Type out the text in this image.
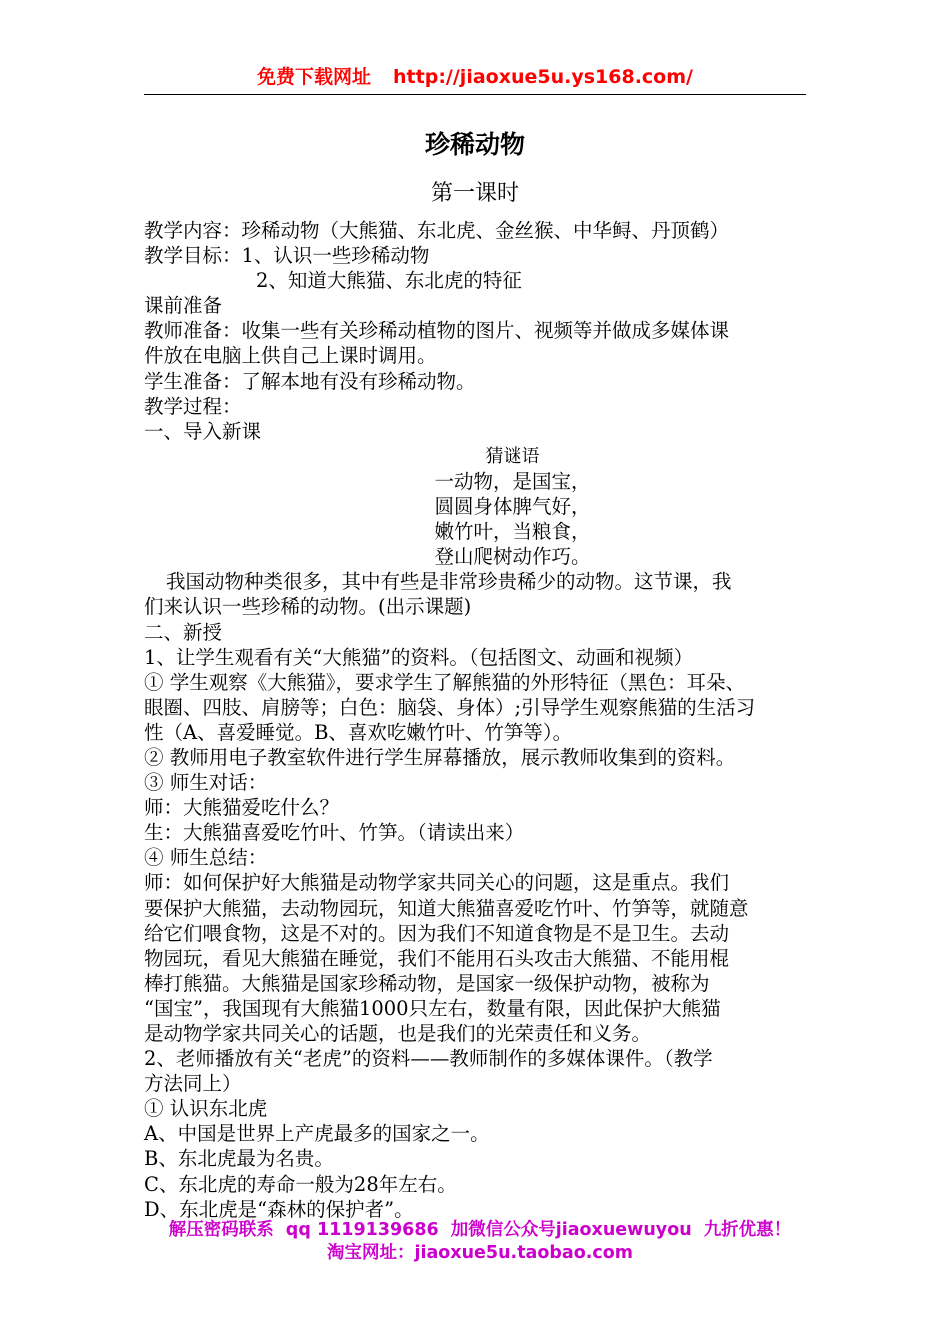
免费下载网址 http://jiaoxue5u.ys168.com/
珍稀动物
第一课时
教学内容：珍稀动物（大熊猫、东北虎、金丝猴、中华鲟、丹顶鹤）
教学目标：1、认识一些珍稀动物
2、知道大熊猫、东北虎的特征
课前准备
教师准备：收集一些有关珍稀动植物的图片、视频等并做成多媒体课
件放在电脑上供自己上课时调用。
学生准备：了解本地有没有珍稀动物。
教学过程：
一、导入新课
猜谜语
一动物，是国宝，
圆圆身体脾气好，
嫩竹叶，当粮食，
登山爬树动作巧。
我国动物种类很多，其中有些是非常珍贵稀少的动物。这节课，我
们来认识一些珍稀的动物。(出示课题)
二、新授
1、让学生观看有关“大熊猫”的资料。（包括图文、动画和视频）
① 学生观察《大熊猫》，要求学生了解熊猫的外形特征（黑色：耳朵、
眼圈、四肢、肩膀等；白色：脑袋、身体）;引导学生观察熊猫的生活习
性（A、喜爱睡觉。B、喜欢吃嫩竹叶、竹笋等）。
② 教师用电子教室软件进行学生屏幕播放，展示教师收集到的资料。
③ 师生对话：
师：大熊猫爱吃什么？
生：大熊猫喜爱吃竹叶、竹笋。（请读出来）
④ 师生总结：
师：如何保护好大熊猫是动物学家共同关心的问题，这是重点。我们
要保护大熊猫，去动物园玩，知道大熊猫喜爱吃竹叶、竹笋等，就随意
给它们喂食物，这是不对的。因为我们不知道食物是不是卫生。去动
物园玩，看见大熊猫在睡觉，我们不能用石头攻击大熊猫、不能用棍
棒打熊猫。大熊猫是国家珍稀动物，是国家一级保护动物，被称为
“国宝”，我国现有大熊猫1000只左右，数量有限，因此保护大熊猫
是动物学家共同关心的话题，也是我们的光荣责任和义务。
2、老师播放有关“老虎”的资料——教师制作的多媒体课件。（教学
方法同上）
① 认识东北虎
A、中国是世界上产虎最多的国家之一。
B、东北虎最为名贵。
C、东北虎的寿命一般为28年左右。
D、东北虎是“森林的保护者”。
解压密码联系 qq 1119139686 加微信公众号jiaoxuewuyou 九折优惠！
淘宝网址：jiaoxue5u.taobao.com
